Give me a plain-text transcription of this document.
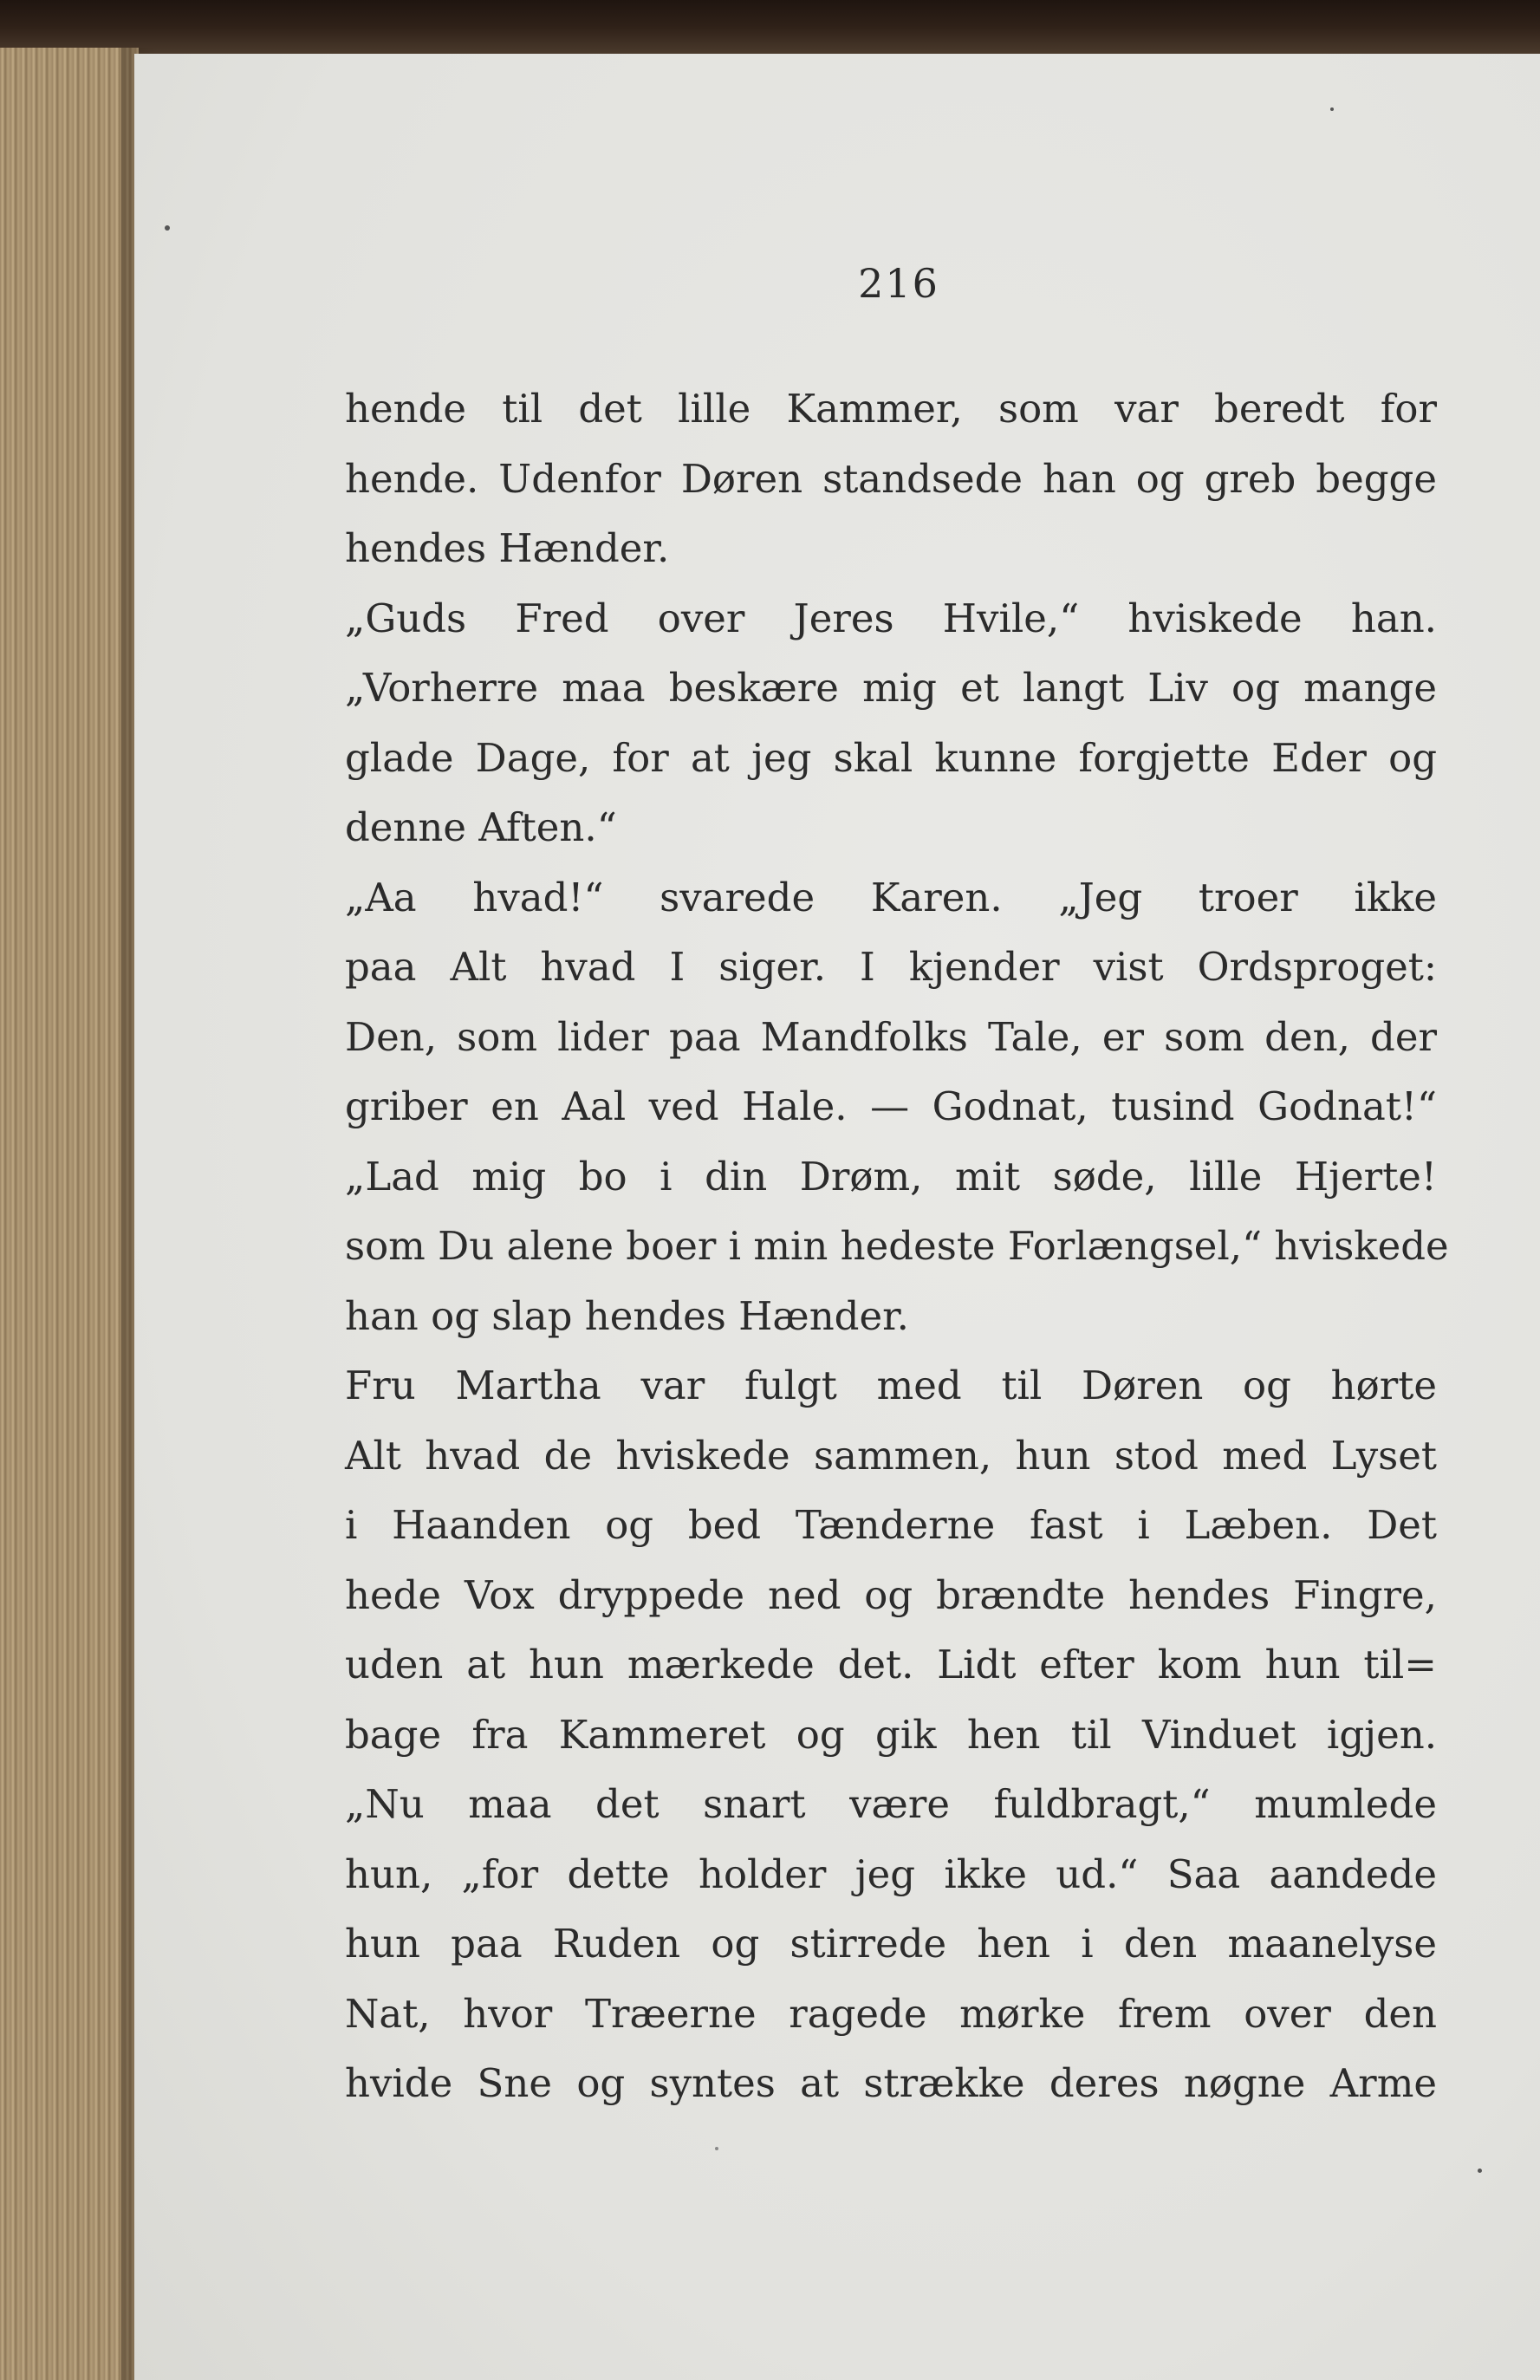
216
hende til det lille Kammer, som var beredt for
hende. Udenfor Døren standsede han og greb begge
hendes Hænder.
„Guds Fred over Jeres Hvile,“ hviskede han.
„Vorherre maa beskære mig et langt Liv og mange
glade Dage, for at jeg skal kunne forgjette Eder og
denne Aften.“
„Aa hvad!“ svarede Karen. „Jeg troer ikke
paa Alt hvad I siger. I kjender vist Ordsproget:
Den, som lider paa Mandfolks Tale, er som den, der
griber en Aal ved Hale. — Godnat, tusind Godnat!“
„Lad mig bo i din Drøm, mit søde, lille Hjerte!
som Du alene boer i min hedeste Forlængsel,“ hviskede
han og slap hendes Hænder.
Fru Martha var fulgt med til Døren og hørte
Alt hvad de hviskede sammen, hun stod med Lyset
i Haanden og bed Tænderne fast i Læben. Det
hede Vox dryppede ned og brændte hendes Fingre,
uden at hun mærkede det. Lidt efter kom hun til=
bage fra Kammeret og gik hen til Vinduet igjen.
„Nu maa det snart være fuldbragt,“ mumlede
hun, „for dette holder jeg ikke ud.“ Saa aandede
hun paa Ruden og stirrede hen i den maanelyse
Nat, hvor Træerne ragede mørke frem over den
hvide Sne og syntes at strække deres nøgne Arme
